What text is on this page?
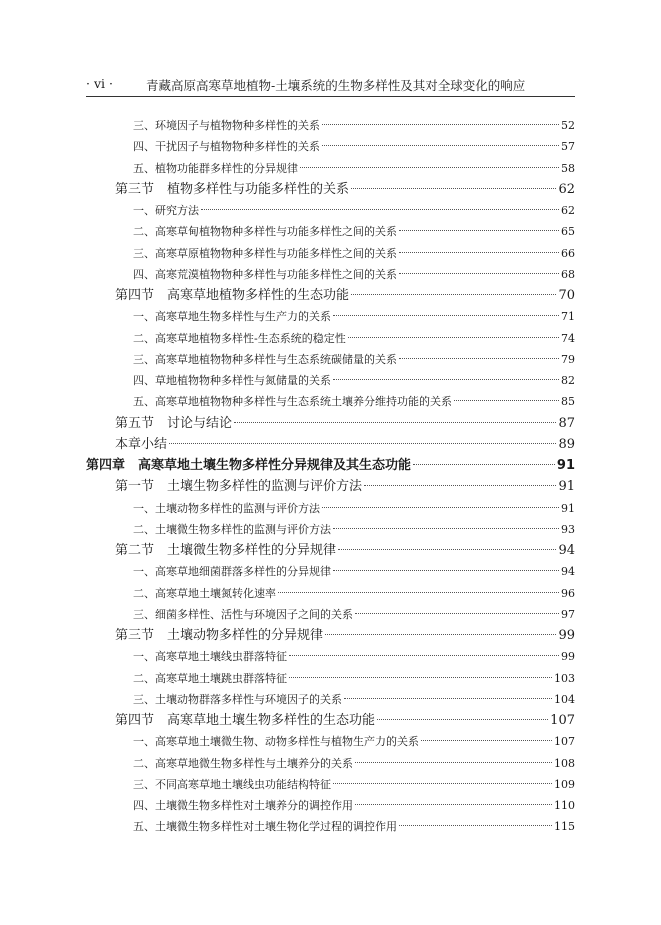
· vi ·	青藏高原高寒草地植物-土壤系统的生物多样性及其对全球变化的响应
三、环境因子与植物物种多样性的关系	52
四、干扰因子与植物物种多样性的关系	57
五、植物功能群多样性的分异规律	58
第三节　植物多样性与功能多样性的关系	62
一、研究方法	62
二、高寒草甸植物物种多样性与功能多样性之间的关系	65
三、高寒草原植物物种多样性与功能多样性之间的关系	66
四、高寒荒漠植物物种多样性与功能多样性之间的关系	68
第四节　高寒草地植物多样性的生态功能	70
一、高寒草地生物多样性与生产力的关系	71
二、高寒草地植物多样性-生态系统的稳定性	74
三、高寒草地植物物种多样性与生态系统碳储量的关系	79
四、草地植物物种多样性与氮储量的关系	82
五、高寒草地植物物种多样性与生态系统土壤养分维持功能的关系	85
第五节　讨论与结论	87
本章小结	89
第四章　高寒草地土壤生物多样性分异规律及其生态功能	91
第一节　土壤生物多样性的监测与评价方法	91
一、土壤动物多样性的监测与评价方法	91
二、土壤微生物多样性的监测与评价方法	93
第二节　土壤微生物多样性的分异规律	94
一、高寒草地细菌群落多样性的分异规律	94
二、高寒草地土壤氮转化速率	96
三、细菌多样性、活性与环境因子之间的关系	97
第三节　土壤动物多样性的分异规律	99
一、高寒草地土壤线虫群落特征	99
二、高寒草地土壤跳虫群落特征	103
三、土壤动物群落多样性与环境因子的关系	104
第四节　高寒草地土壤生物多样性的生态功能	107
一、高寒草地土壤微生物、动物多样性与植物生产力的关系	107
二、高寒草地微生物多样性与土壤养分的关系	108
三、不同高寒草地土壤线虫功能结构特征	109
四、土壤微生物多样性对土壤养分的调控作用	110
五、土壤微生物多样性对土壤生物化学过程的调控作用	115
